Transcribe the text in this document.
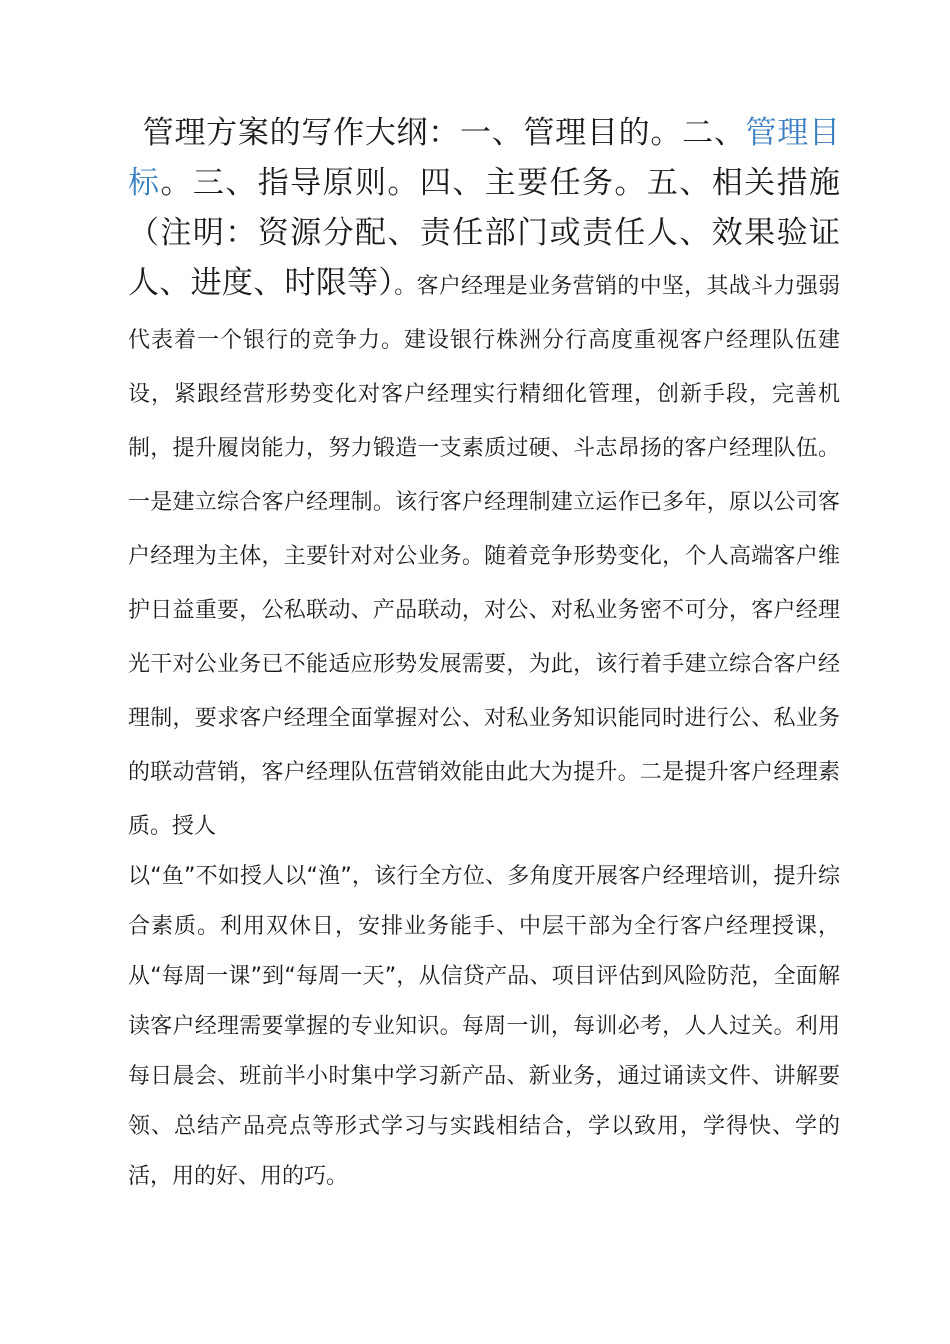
管理方案的写作大纲：一、管理目的。二、管理目标。三、指导原则。四、主要任务。五、相关措施（注明：资源分配、责任部门或责任人、效果验证人、进度、时限等）。客户经理是业务营销的中坚，其战斗力强弱代表着一个银行的竞争力。建设银行株洲分行高度重视客户经理队伍建设，紧跟经营形势变化对客户经理实行精细化管理，创新手段，完善机制，提升履岗能力，努力锻造一支素质过硬、斗志昂扬的客户经理队伍。一是建立综合客户经理制。该行客户经理制建立运作已多年，原以公司客户经理为主体，主要针对对公业务。随着竞争形势变化，个人高端客户维护日益重要，公私联动、产品联动，对公、对私业务密不可分，客户经理光干对公业务已不能适应形势发展需要，为此，该行着手建立综合客户经理制，要求客户经理全面掌握对公、对私业务知识能同时进行公、私业务的联动营销，客户经理队伍营销效能由此大为提升。二是提升客户经理素质。授人

以“鱼”不如授人以“渔”，该行全方位、多角度开展客户经理培训，提升综合素质。利用双休日，安排业务能手、中层干部为全行客户经理授课，从“每周一课”到“每周一天”，从信贷产品、项目评估到风险防范，全面解读客户经理需要掌握的专业知识。每周一训，每训必考，人人过关。利用每日晨会、班前半小时集中学习新产品、新业务，通过诵读文件、讲解要领、总结产品亮点等形式学习与实践相结合，学以致用，学得快、学的活，用的好、用的巧。
